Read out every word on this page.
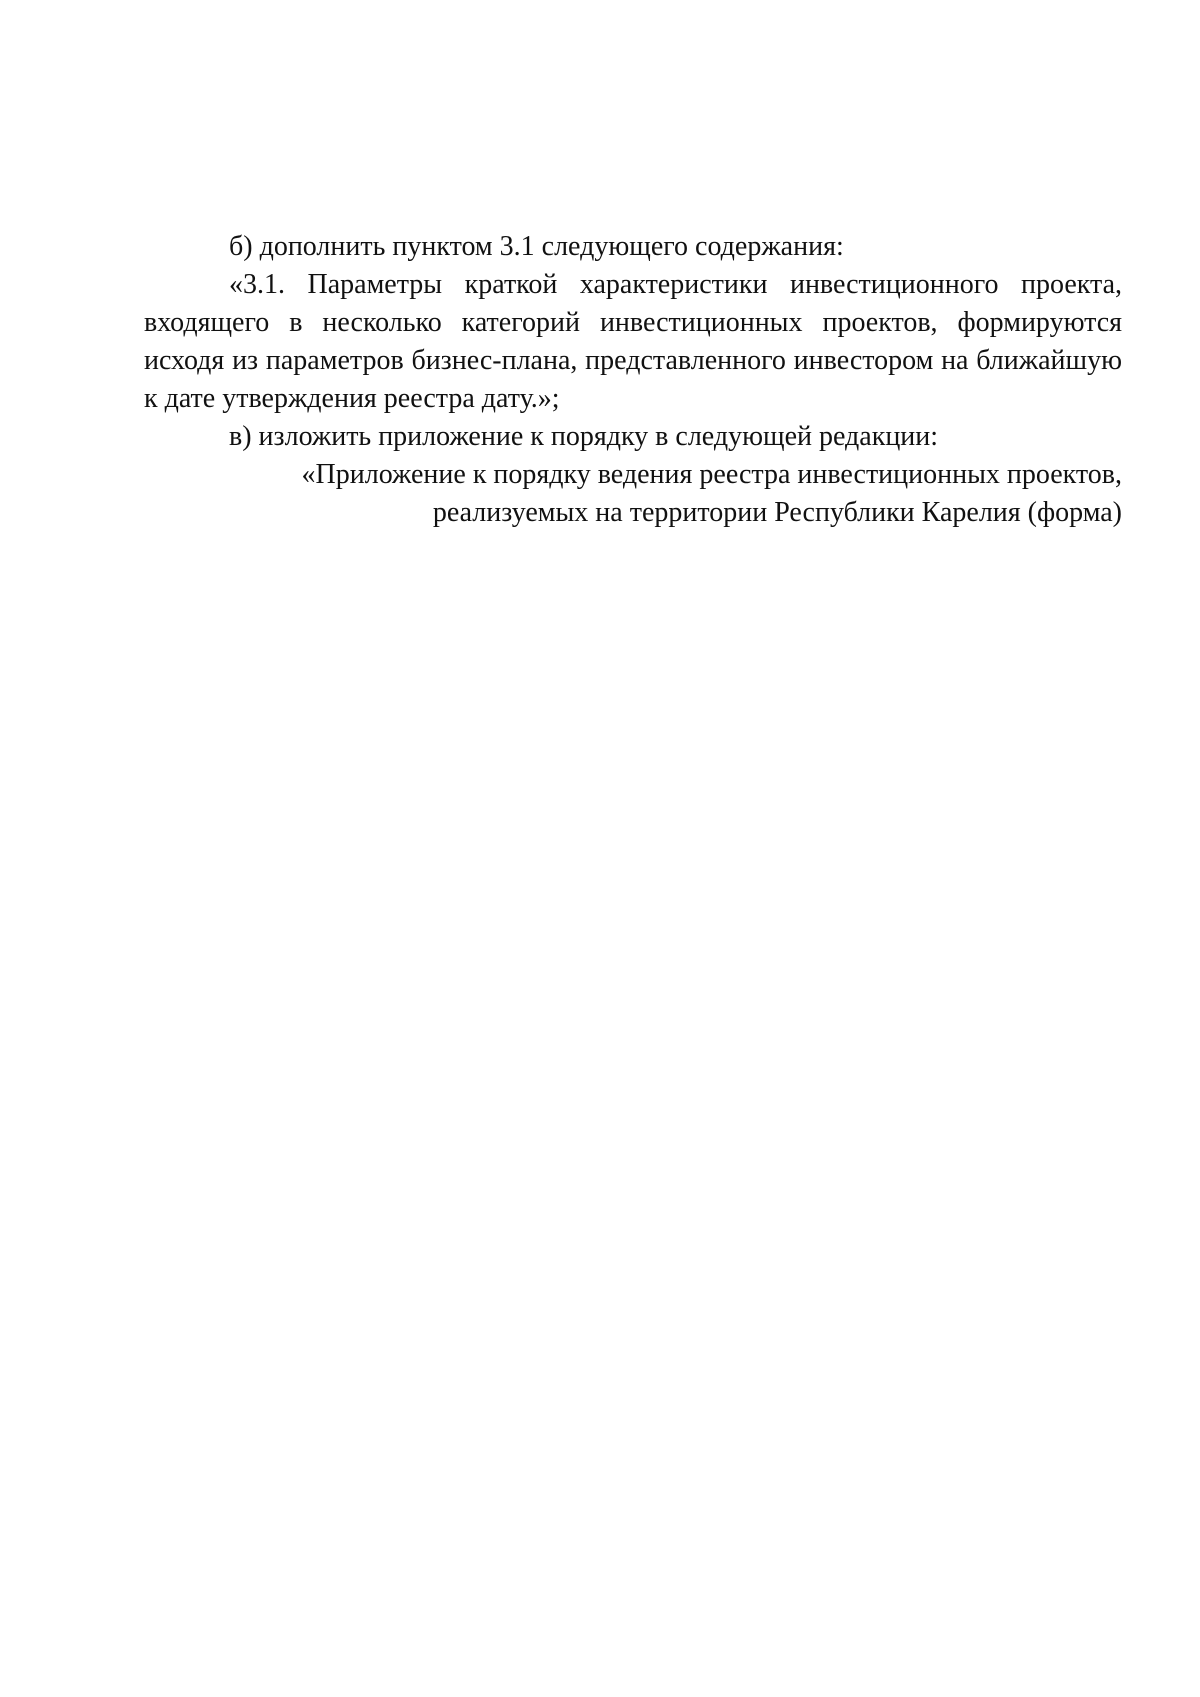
б) дополнить пунктом 3.1 следующего содержания:

«3.1. Параметры краткой характеристики инвестиционного проекта, входящего в несколько категорий инвестиционных проектов, формируются исходя из параметров бизнес-плана, представленного инвестором на ближайшую к дате утверждения реестра дату.»;

в) изложить приложение к порядку в следующей редакции:

«Приложение к порядку ведения реестра инвестиционных проектов,
реализуемых на территории Республики Карелия (форма)
